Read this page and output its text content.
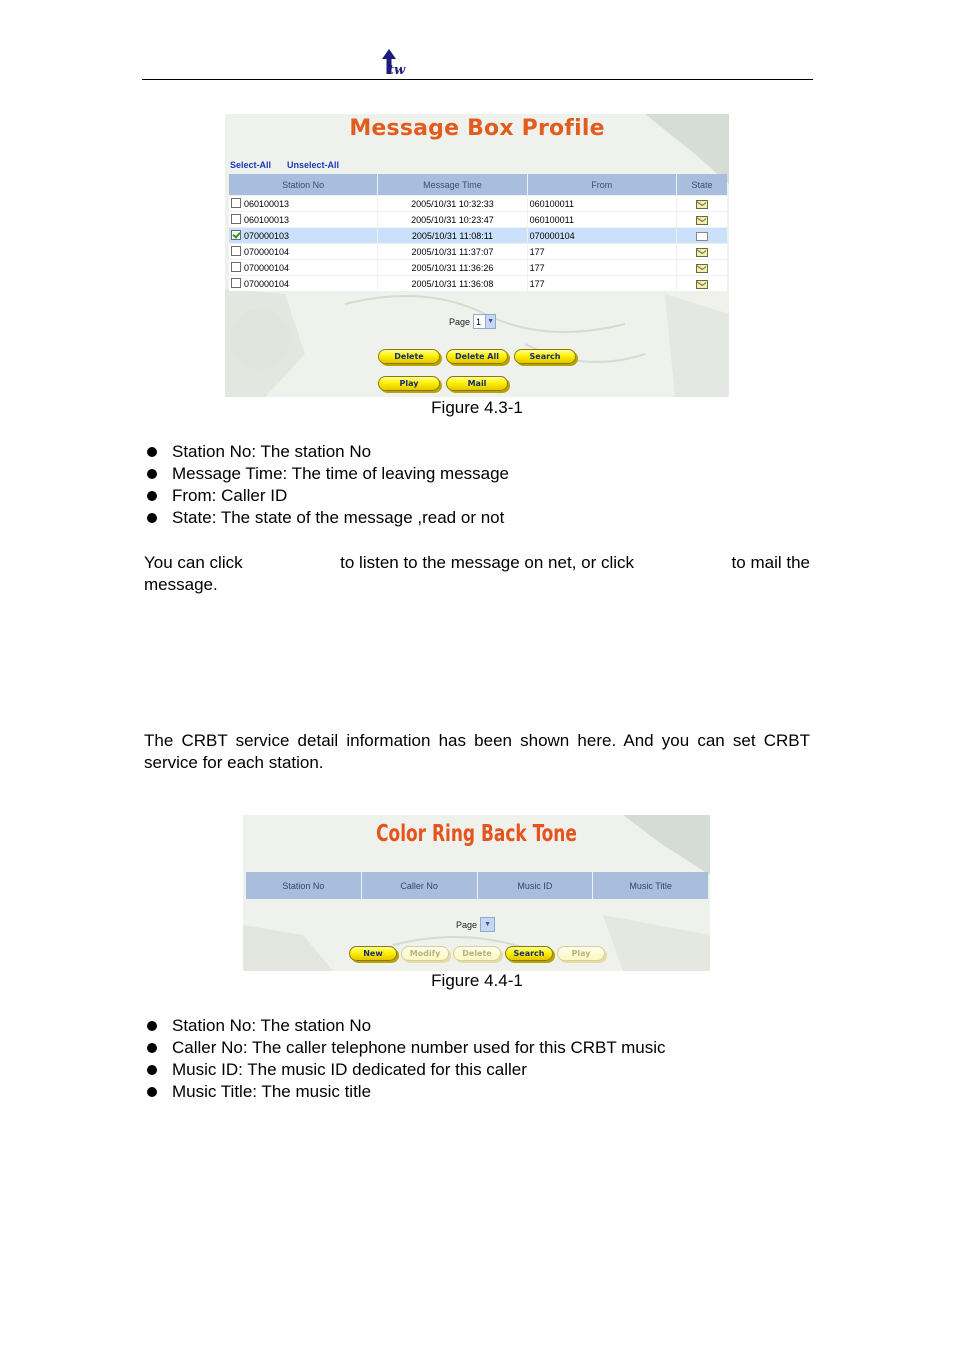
tw
Message Box Profile
Select-All Unselect-All
Station No	Message Time	From	State
060100013	2005/10/31 10:32:33	060100011	
060100013	2005/10/31 10:23:47	060100011	
070000103	2005/10/31 11:08:11	070000104	
070000104	2005/10/31 11:37:07	177	
070000104	2005/10/31 11:36:26	177	
070000104	2005/10/31 11:36:08	177	
Page 1 ▼
Delete	Delete All	Search
Play	Mail
Figure 4.3-1
Station No: The station No
Message Time: The time of leaving message
From: Caller ID
State: The state of the message ,read or not
You can click	to listen to the message on net, or click	to mail the
message.
The CRBT service detail information has been shown here. And you can set CRBT service for each station.
Color Ring Back Tone
Station No	Caller No	Music ID	Music Title
Page	▼
New	Modify	Delete	Search	Play
Figure 4.4-1
Station No: The station No
Caller No: The caller telephone number used for this CRBT music
Music ID: The music ID dedicated for this caller
Music Title: The music title
